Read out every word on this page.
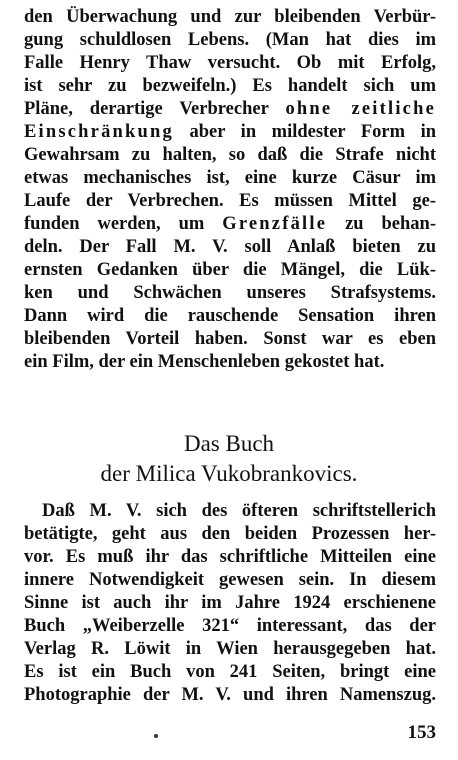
den Überwachung und zur bleibenden Verbür-
gung schuldlosen Lebens. (Man hat dies im
Falle Henry Thaw versucht. Ob mit Erfolg,
ist sehr zu bezweifeln.) Es handelt sich um
Pläne, derartige Verbrecher ohne zeitliche
Einschränkung aber in mildester Form in
Gewahrsam zu halten, so daß die Strafe nicht
etwas mechanisches ist, eine kurze Cäsur im
Laufe der Verbrechen. Es müssen Mittel ge-
funden werden, um Grenzfälle zu behan-
deln. Der Fall M. V. soll Anlaß bieten zu
ernsten Gedanken über die Mängel, die Lük-
ken und Schwächen unseres Strafsystems.
Dann wird die rauschende Sensation ihren
bleibenden Vorteil haben. Sonst war es eben
ein Film, der ein Menschenleben gekostet hat.
Das Buch
der Milica Vukobrankovics.
Daß M. V. sich des öfteren schriftstellerich
betätigte, geht aus den beiden Prozessen her-
vor. Es muß ihr das schriftliche Mitteilen eine
innere Notwendigkeit gewesen sein. In diesem
Sinne ist auch ihr im Jahre 1924 erschienene
Buch „Weiberzelle 321“ interessant, das der
Verlag R. Löwit in Wien herausgegeben hat.
Es ist ein Buch von 241 Seiten, bringt eine
Photographie der M. V. und ihren Namenszug.
153
